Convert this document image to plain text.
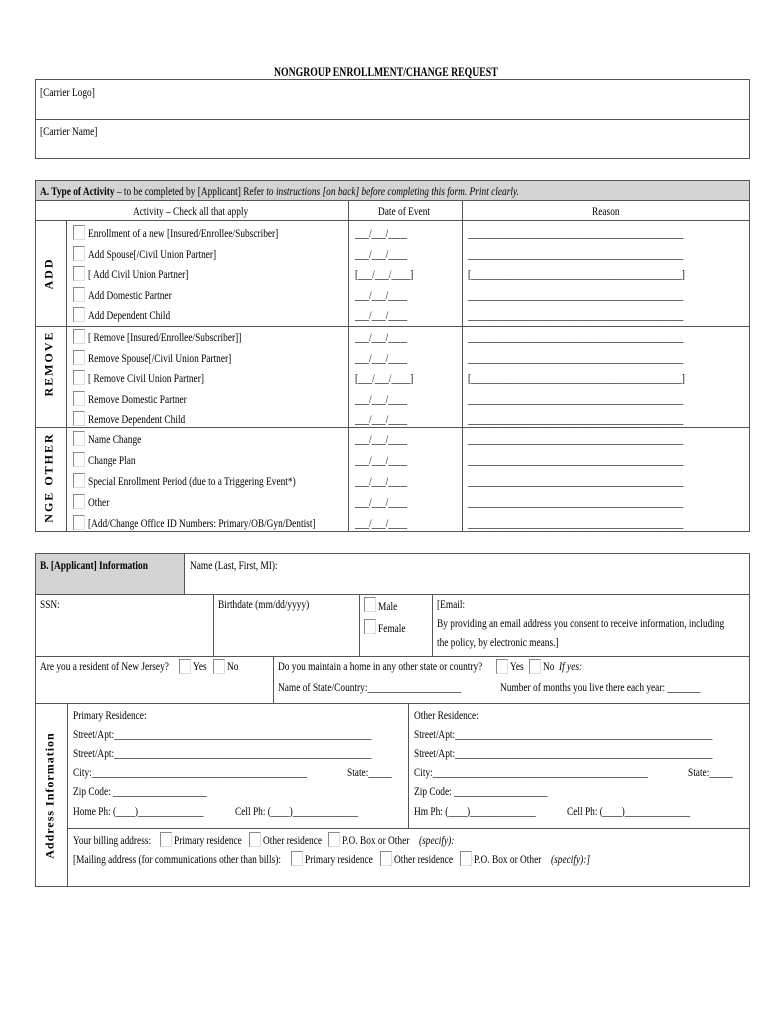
NONGROUP ENROLLMENT/CHANGE REQUEST
[Carrier Logo]
[Carrier Name]
A. Type of Activity – to be completed by [Applicant] Refer to instructions [on back] before completing this form. Print clearly.
Activity – Check all that apply	Date of Event	Reason
ADD
REMOVE
NGE OTHER
Enrollment of a new [Insured/Enrollee/Subscriber]	___/___/____	______________________________________________
Add Spouse[/Civil Union Partner]	___/___/____	______________________________________________
[ Add Civil Union Partner]	[___/___/____]	[_____________________________________________]
Add Domestic Partner	___/___/____	______________________________________________
Add Dependent Child	___/___/____	______________________________________________
[ Remove [Insured/Enrollee/Subscriber]]	___/___/____	______________________________________________
Remove Spouse[/Civil Union Partner]	___/___/____	______________________________________________
[ Remove Civil Union Partner]	[___/___/____]	[_____________________________________________]
Remove Domestic Partner	___/___/____	______________________________________________
Remove Dependent Child	___/___/____	______________________________________________
Name Change	___/___/____	______________________________________________
Change Plan	___/___/____	______________________________________________
Special Enrollment Period (due to a Triggering Event*)	___/___/____	______________________________________________
Other	___/___/____	______________________________________________
[Add/Change Office ID Numbers: Primary/OB/Gyn/Dentist]	___/___/____	______________________________________________
B. [Applicant] Information	Name (Last, First, MI):
SSN:	Birthdate (mm/dd/yyyy)	Male
Female
[Email:
By providing an email address you consent to receive information, including
the policy, by electronic means.]
Are you a resident of New Jersey? Yes No	Do you maintain a home in any other state or country? Yes No If yes:
Name of State/Country:____________________	Number of months you live there each year: _______
Address Information
Primary Residence:
Street/Apt:_______________________________________________________
Street/Apt:_______________________________________________________
City:______________________________________________	State:_____
Zip Code: ____________________
Home Ph: (____)______________	Cell Ph: (____)______________
Other Residence:
Street/Apt:_______________________________________________________
Street/Apt:_______________________________________________________
City:______________________________________________	State:_____
Zip Code: ____________________
Hm Ph: (____)______________	Cell Ph: (____)______________
Your billing address: Primary residence Other residence P.O. Box or Other (specify):
[Mailing address (for communications other than bills): Primary residence Other residence P.O. Box or Other (specify):]
